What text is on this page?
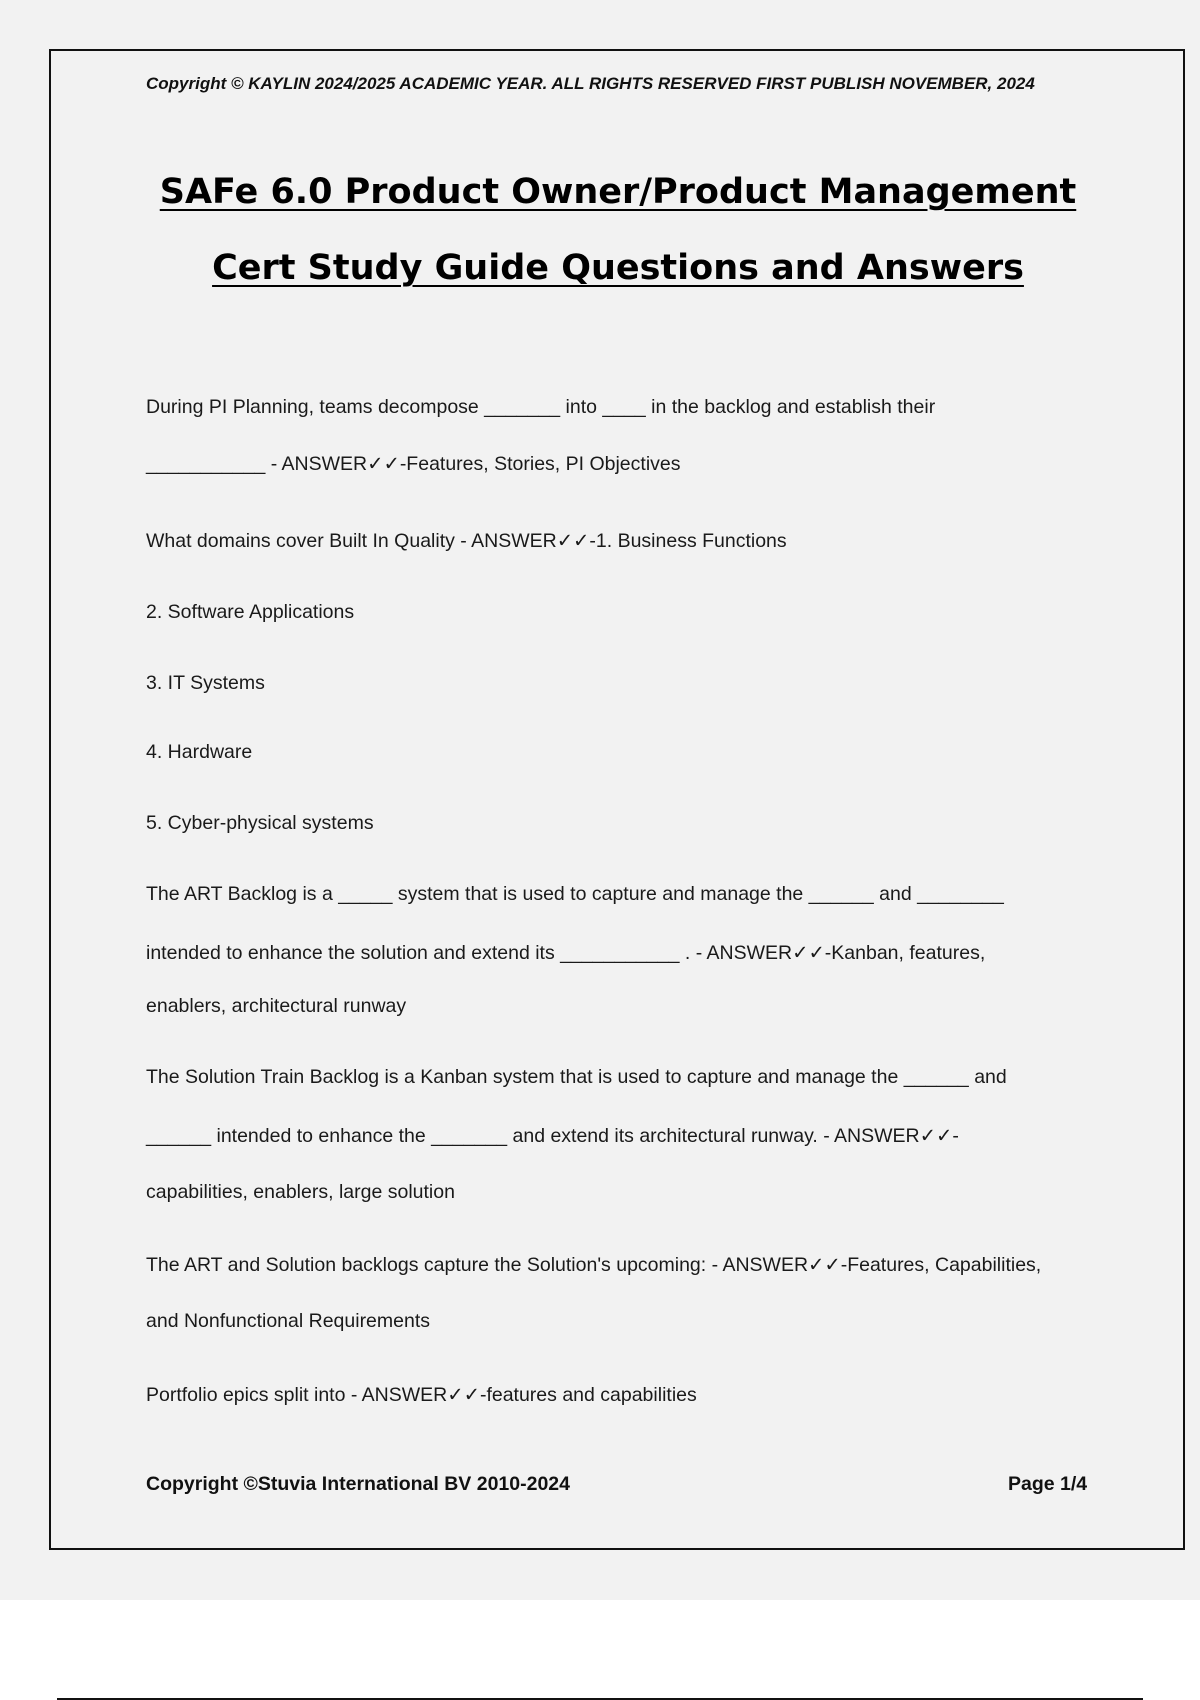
Copyright © KAYLIN 2024/2025 ACADEMIC YEAR. ALL RIGHTS RESERVED FIRST PUBLISH NOVEMBER, 2024
SAFe 6.0 Product Owner/Product Management
Cert Study Guide Questions and Answers
During PI Planning, teams decompose _______ into ____ in the backlog and establish their
___________ - ANSWER✓✓-Features, Stories, PI Objectives
What domains cover Built In Quality - ANSWER✓✓-1. Business Functions
2. Software Applications
3. IT Systems
4. Hardware
5. Cyber-physical systems
The ART Backlog is a _____ system that is used to capture and manage the ______ and ________
intended to enhance the solution and extend its ___________ . - ANSWER✓✓-Kanban, features,
enablers, architectural runway
The Solution Train Backlog is a Kanban system that is used to capture and manage the ______ and
______ intended to enhance the _______ and extend its architectural runway. - ANSWER✓✓-
capabilities, enablers, large solution
The ART and Solution backlogs capture the Solution's upcoming: - ANSWER✓✓-Features, Capabilities,
and Nonfunctional Requirements
Portfolio epics split into - ANSWER✓✓-features and capabilities
Copyright ©Stuvia International BV 2010-2024	Page 1/4
